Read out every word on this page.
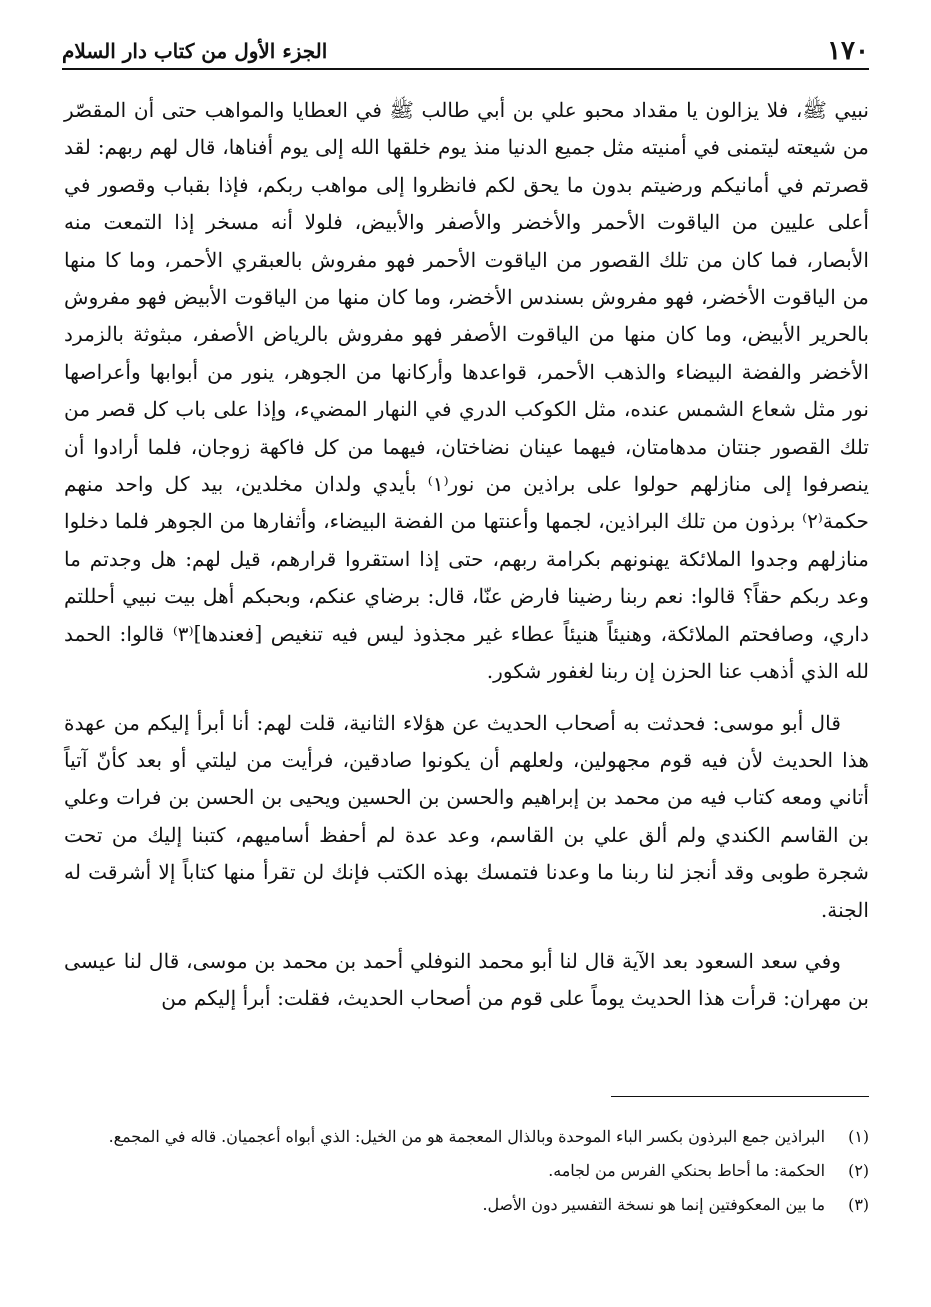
١٧٠
الجزء الأول من كتاب دار السلام

نبيي ﷺ، فلا يزالون يا مقداد محبو علي بن أبي طالب ﷺ في العطايا والمواهب حتى أن المقصّر من شيعته ليتمنى في أمنيته مثل جميع الدنيا منذ يوم خلقها الله إلى يوم أفناها، قال لهم ربهم: لقد قصرتم في أمانيكم ورضيتم بدون ما يحق لكم فانظروا إلى مواهب ربكم، فإذا بقباب وقصور في أعلى عليين من الياقوت الأحمر والأخضر والأصفر والأبيض، فلولا أنه مسخر إذا التمعت منه الأبصار، فما كان من تلك القصور من الياقوت الأحمر فهو مفروش بالعبقري الأحمر، وما كا منها من الياقوت الأخضر، فهو مفروش بسندس الأخضر، وما كان منها من الياقوت الأبيض فهو مفروش بالحرير الأبيض، وما كان منها من الياقوت الأصفر فهو مفروش بالرياض الأصفر، مبثوثة بالزمرد الأخضر والفضة البيضاء والذهب الأحمر، قواعدها وأركانها من الجوهر، ينور من أبوابها وأعراصها نور مثل شعاع الشمس عنده، مثل الكوكب الدري في النهار المضيء، وإذا على باب كل قصر من تلك القصور جنتان مدهامتان، فيهما عينان نضاختان، فيهما من كل فاكهة زوجان، فلما أرادوا أن ينصرفوا إلى منازلهم حولوا على براذين من نور⁽١⁾ بأيدي ولدان مخلدين، بيد كل واحد منهم حكمة⁽٢⁾ برذون من تلك البراذين، لجمها وأعنتها من الفضة البيضاء، وأثفارها من الجوهر فلما دخلوا منازلهم وجدوا الملائكة يهنونهم بكرامة ربهم، حتى إذا استقروا قرارهم، قيل لهم: هل وجدتم ما وعد ربكم حقاً؟ قالوا: نعم ربنا رضينا فارض عنّا، قال: برضاي عنكم، وبحبكم أهل بيت نبيي أحللتم داري، وصافحتم الملائكة، وهنيئاً هنيئاً عطاء غير مجذوذ ليس فيه تنغيص [فعندها]⁽٣⁾ قالوا: الحمد لله الذي أذهب عنا الحزن إن ربنا لغفور شكور.

قال أبو موسى: فحدثت به أصحاب الحديث عن هؤلاء الثانية، قلت لهم: أنا أبرأ إليكم من عهدة هذا الحديث لأن فيه قوم مجهولين، ولعلهم أن يكونوا صادقين، فرأيت من ليلتي أو بعد كأنّ آتياً أتاني ومعه كتاب فيه من محمد بن إبراهيم والحسن بن الحسين ويحيى بن الحسن بن فرات وعلي بن القاسم الكندي ولم ألق علي بن القاسم، وعد عدة لم أحفظ أساميهم، كتبنا إليك من تحت شجرة طوبى وقد أنجز لنا ربنا ما وعدنا فتمسك بهذه الكتب فإنك لن تقرأ منها كتاباً إلا أشرقت له الجنة.

وفي سعد السعود بعد الآية قال لنا أبو محمد النوفلي أحمد بن محمد بن موسى، قال لنا عيسى بن مهران: قرأت هذا الحديث يوماً على قوم من أصحاب الحديث، فقلت: أبرأ إليكم من

(١)
البراذين جمع البرذون بكسر الباء الموحدة وبالذال المعجمة هو من الخيل: الذي أبواه أعجميان. قاله في المجمع.
(٢)
الحكمة: ما أحاط بحنكي الفرس من لجامه.
(٣)
ما بين المعكوفتين إنما هو نسخة التفسير دون الأصل.
